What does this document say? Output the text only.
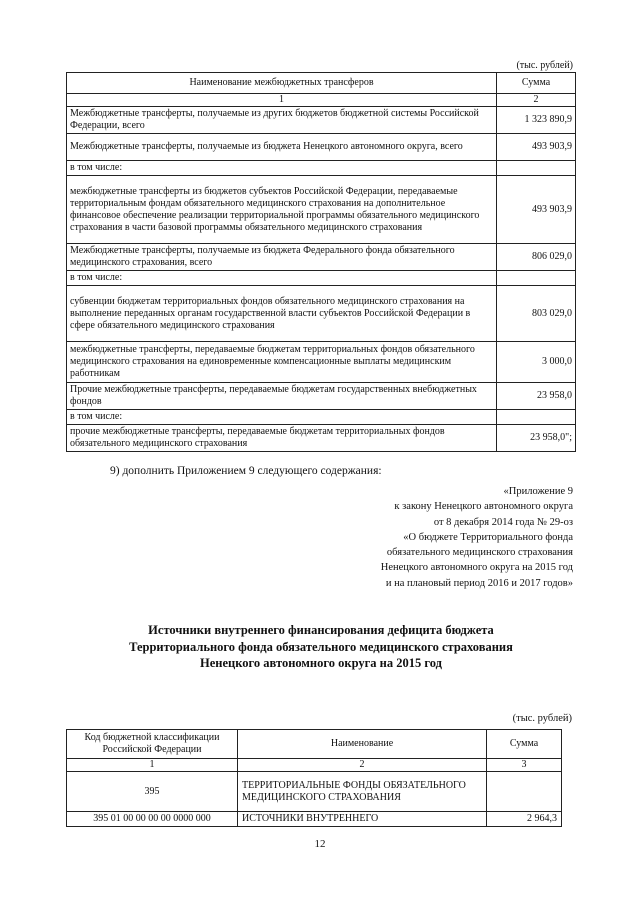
(тыс. рублей)
Наименование межбюджетных трансферов	Сумма
1	2
Межбюджетные трансферты, получаемые из других бюджетов бюджетной системы Российской Федерации, всего	1 323 890,9
Межбюджетные трансферты, получаемые из бюджета Ненецкого автономного округа, всего	493 903,9
в том числе:	
межбюджетные трансферты из бюджетов субъектов Российской Федерации, передаваемые территориальным фондам обязательного медицинского страхования на дополнительное финансовое обеспечение реализации территориальной программы обязательного медицинского страхования в части базовой программы обязательного медицинского страхования	493 903,9
Межбюджетные трансферты, получаемые из бюджета Федерального фонда обязательного медицинского страхования, всего	806 029,0
в том числе:	
субвенции бюджетам территориальных фондов обязательного медицинского страхования на выполнение переданных органам государственной власти субъектов Российской Федерации в сфере обязательного медицинского страхования	803 029,0
межбюджетные трансферты, передаваемые бюджетам территориальных фондов обязательного медицинского страхования на единовременные компенсационные выплаты медицинским работникам	3 000,0
Прочие межбюджетные трансферты, передаваемые бюджетам государственных внебюджетных фондов	23 958,0
в том числе:	
прочие межбюджетные трансферты, передаваемые бюджетам территориальных фондов обязательного медицинского страхования	23 958,0";
9) дополнить Приложением 9 следующего содержания:
«Приложение 9
к закону Ненецкого автономного округа
от 8 декабря 2014 года № 29-оз
«О бюджете Территориального фонда
обязательного медицинского страхования
Ненецкого автономного округа на 2015 год
и на плановый период 2016 и 2017 годов»
Источники внутреннего финансирования дефицита бюджета
Территориального фонда обязательного медицинского страхования
Ненецкого автономного округа на 2015 год
(тыс. рублей)
Код бюджетной классификации Российской Федерации	Наименование	Сумма
1	2	3
395	ТЕРРИТОРИАЛЬНЫЕ ФОНДЫ ОБЯЗАТЕЛЬНОГО МЕДИЦИНСКОГО СТРАХОВАНИЯ	
395 01 00 00 00 00 0000 000	ИСТОЧНИКИ ВНУТРЕННЕГО	2 964,3
12
